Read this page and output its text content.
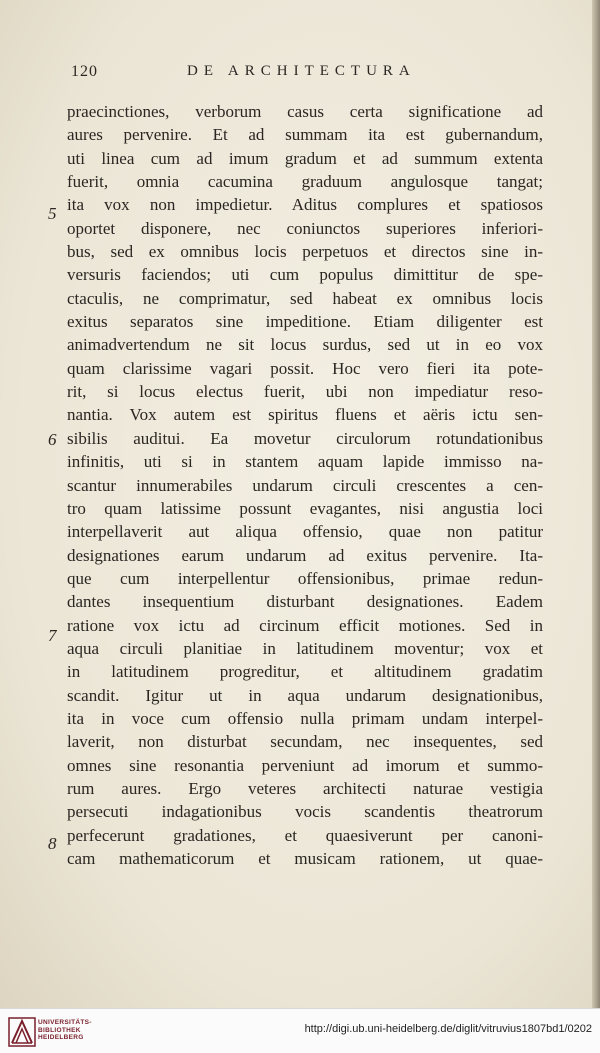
120	DE ARCHITECTURA
praecinctiones, verborum casus certa significatione ad
aures pervenire. Et ad summam ita est gubernandum,
uti linea cum ad imum gradum et ad summum extenta
fuerit, omnia cacumina graduum angulosque tangat;
ita vox non impedietur. Aditus complures et spatiosos
oportet disponere, nec coniunctos superiores inferiori-
bus, sed ex omnibus locis perpetuos et directos sine in-
versuris faciendos; uti cum populus dimittitur de spe-
ctaculis, ne comprimatur, sed habeat ex omnibus locis
exitus separatos sine impeditione. Etiam diligenter est
animadvertendum ne sit locus surdus, sed ut in eo vox
quam clarissime vagari possit. Hoc vero fieri ita pote-
rit, si locus electus fuerit, ubi non impediatur reso-
nantia. Vox autem est spiritus fluens et aëris ictu sen-
sibilis auditui. Ea movetur circulorum rotundationibus
infinitis, uti si in stantem aquam lapide immisso na-
scantur innumerabiles undarum circuli crescentes a cen-
tro quam latissime possunt evagantes, nisi angustia loci
interpellaverit aut aliqua offensio, quae non patitur
designationes earum undarum ad exitus pervenire. Ita-
que cum interpellentur offensionibus, primae redun-
dantes insequentium disturbant designationes. Eadem
ratione vox ictu ad circinum efficit motiones. Sed in
aqua circuli planitiae in latitudinem moventur; vox et
in latitudinem progreditur, et altitudinem gradatim
scandit. Igitur ut in aqua undarum designationibus,
ita in voce cum offensio nulla primam undam interpel-
laverit, non disturbat secundam, nec insequentes, sed
omnes sine resonantia perveniunt ad imorum et summo-
rum aures. Ergo veteres architecti naturae vestigia
persecuti indagationibus vocis scandentis theatrorum
perfecerunt gradationes, et quaesiverunt per canoni-
cam mathematicorum et musicam rationem, ut quae-
5
6
7
8
UNIVERSITÄTS-
BIBLIOTHEK
HEIDELBERG
http://digi.ub.uni-heidelberg.de/diglit/vitruvius1807bd1/0202
